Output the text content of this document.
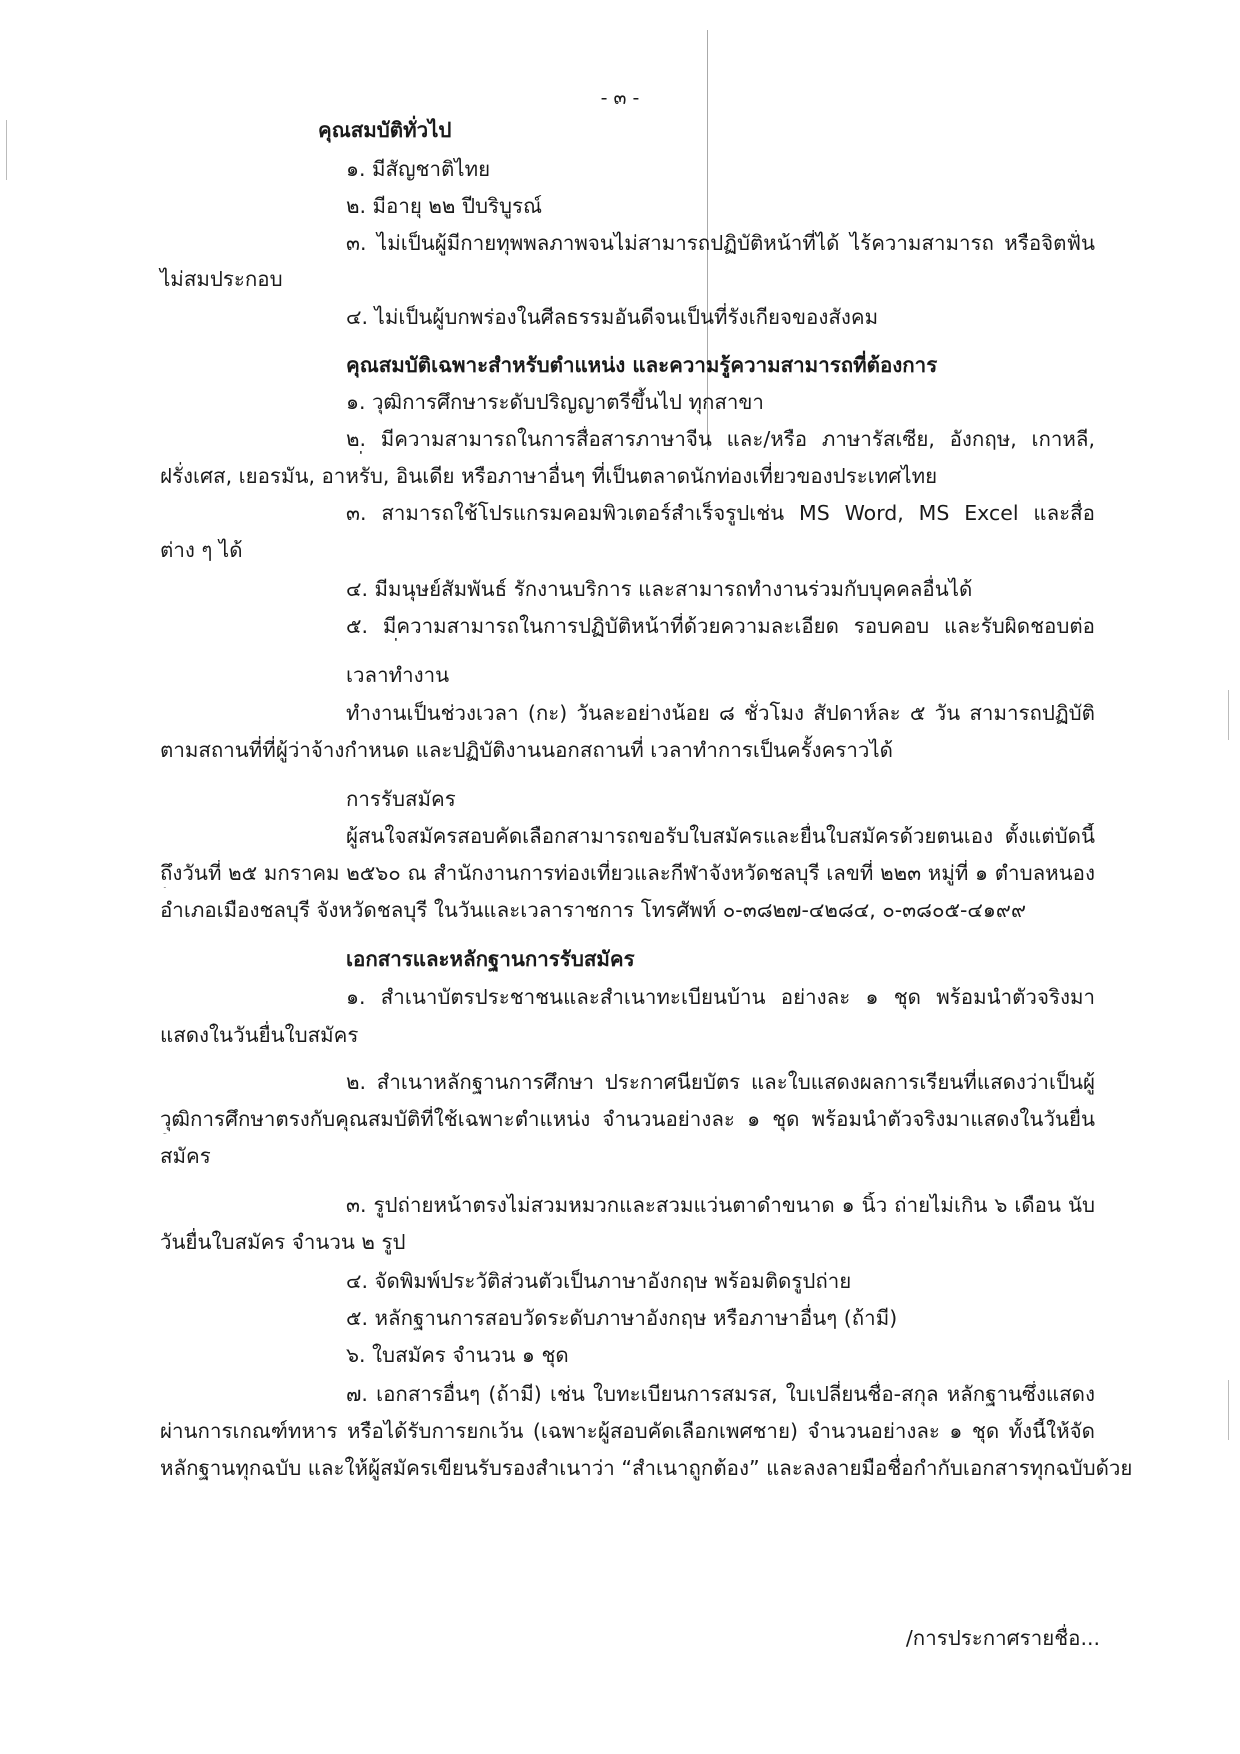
- ๓ -
คุณสมบัติทั่วไป
๑. มีสัญชาติไทย
๒. มีอายุ ๒๒ ปีบริบูรณ์
๓. ไม่เป็นผู้มีกายทุพพลภาพจนไม่สามารถปฏิบัติหน้าที่ได้ ไร้ความสามารถ หรือจิตฟั่น
ไม่สมประกอบ
๔. ไม่เป็นผู้บกพร่องในศีลธรรมอันดีจนเป็นที่รังเกียจของสังคม
คุณสมบัติเฉพาะสำหรับตำแหน่ง และความรู้ความสามารถที่ต้องการ
๑. วุฒิการศึกษาระดับปริญญาตรีขึ้นไป ทุกสาขา
๒. มีความสามารถในการสื่อสารภาษาจีน และ/หรือ ภาษารัสเซีย, อังกฤษ, เกาหลี,
ฝรั่งเศส, เยอรมัน, อาหรับ, อินเดีย หรือภาษาอื่นๆ ที่เป็นตลาดนักท่องเที่ยวของประเทศไทย
๓. สามารถใช้โปรแกรมคอมพิวเตอร์สำเร็จรูปเช่น MS Word, MS Excel และสื่อ
ต่าง ๆ ได้
๔. มีมนุษย์สัมพันธ์ รักงานบริการ และสามารถทำงานร่วมกับบุคคลอื่นได้
๕. มีความสามารถในการปฏิบัติหน้าที่ด้วยความละเอียด รอบคอบ และรับผิดชอบต่อ
เวลาทำงาน
ทำงานเป็นช่วงเวลา (กะ) วันละอย่างน้อย ๘ ชั่วโมง สัปดาห์ละ ๕ วัน สามารถปฏิบัติ
ตามสถานที่ที่ผู้ว่าจ้างกำหนด และปฏิบัติงานนอกสถานที่ เวลาทำการเป็นครั้งคราวได้
การรับสมัคร
ผู้สนใจสมัครสอบคัดเลือกสามารถขอรับใบสมัครและยื่นใบสมัครด้วยตนเอง ตั้งแต่บัดนี้
ถึงวันที่ ๒๕ มกราคม ๒๕๖๐ ณ สำนักงานการท่องเที่ยวและกีฬาจังหวัดชลบุรี เลขที่ ๒๒๓ หมู่ที่ ๑ ตำบลหนอง
อำเภอเมืองชลบุรี จังหวัดชลบุรี ในวันและเวลาราชการ โทรศัพท์ ๐-๓๘๒๗-๔๒๘๔, ๐-๓๘๐๕-๔๑๙๙
เอกสารและหลักฐานการรับสมัคร
๑. สำเนาบัตรประชาชนและสำเนาทะเบียนบ้าน อย่างละ ๑ ชุด พร้อมนำตัวจริงมา
แสดงในวันยื่นใบสมัคร
๒. สำเนาหลักฐานการศึกษา ประกาศนียบัตร และใบแสดงผลการเรียนที่แสดงว่าเป็นผู้
วุฒิการศึกษาตรงกับคุณสมบัติที่ใช้เฉพาะตำแหน่ง จำนวนอย่างละ ๑ ชุด พร้อมนำตัวจริงมาแสดงในวันยื่น
สมัคร
๓. รูปถ่ายหน้าตรงไม่สวมหมวกและสวมแว่นตาดำขนาด ๑ นิ้ว ถ่ายไม่เกิน ๖ เดือน นับ
วันยื่นใบสมัคร จำนวน ๒ รูป
๔. จัดพิมพ์ประวัติส่วนตัวเป็นภาษาอังกฤษ พร้อมติดรูปถ่าย
๕. หลักฐานการสอบวัดระดับภาษาอังกฤษ หรือภาษาอื่นๆ (ถ้ามี)
๖. ใบสมัคร จำนวน ๑ ชุด
๗. เอกสารอื่นๆ (ถ้ามี) เช่น ใบทะเบียนการสมรส, ใบเปลี่ยนชื่อ-สกุล หลักฐานซึ่งแสดง
ผ่านการเกณฑ์ทหาร หรือได้รับการยกเว้น (เฉพาะผู้สอบคัดเลือกเพศชาย) จำนวนอย่างละ ๑ ชุด ทั้งนี้ให้จัด
หลักฐานทุกฉบับ และให้ผู้สมัครเขียนรับรองสำเนาว่า “สำเนาถูกต้อง” และลงลายมือชื่อกำกับเอกสารทุกฉบับด้วย
/การประกาศรายชื่อ...
